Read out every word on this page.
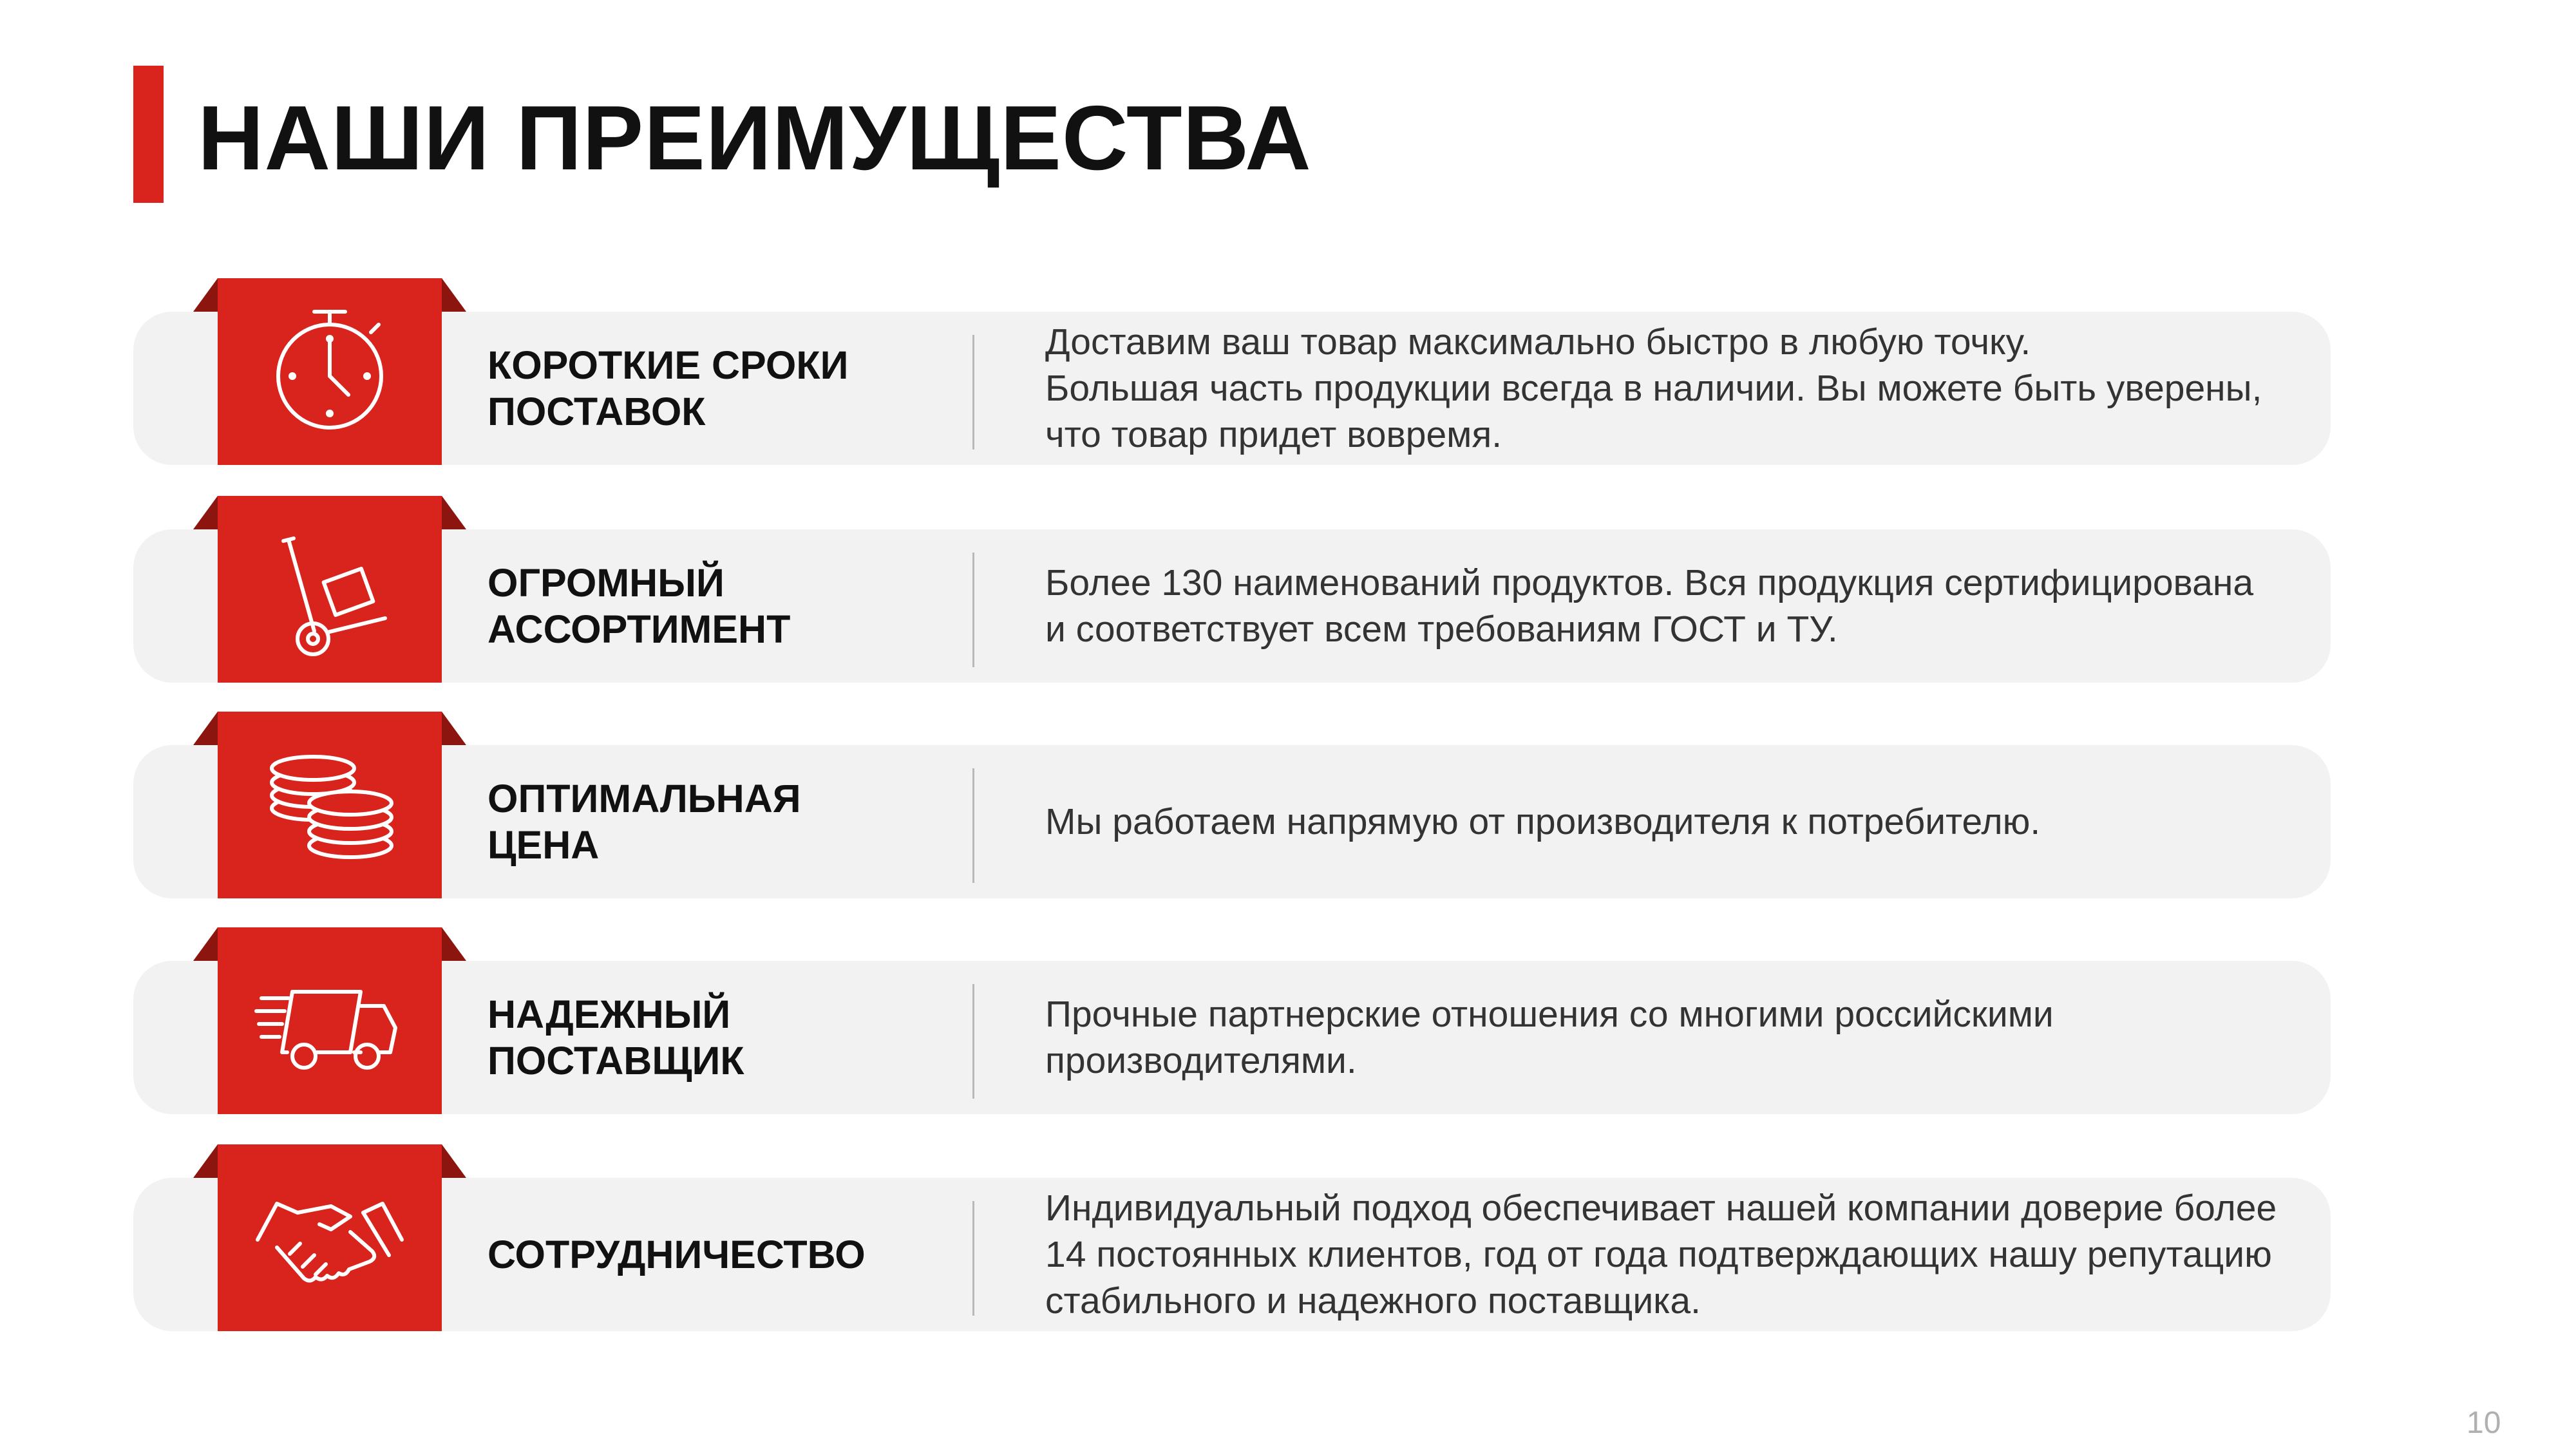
НАШИ ПРЕИМУЩЕСТВА
КОРОТКИЕ СРОКИ
ПОСТАВОК
Доставим ваш товар максимально быстро в любую точку.
Большая часть продукции всегда в наличии. Вы можете быть уверены,
что товар придет вовремя.
ОГРОМНЫЙ
АССОРТИМЕНТ
Более 130 наименований продуктов. Вся продукция сертифицирована
и соответствует всем требованиям ГОСТ и ТУ.
ОПТИМАЛЬНАЯ
ЦЕНА
Мы работаем напрямую от производителя к потребителю.
НАДЕЖНЫЙ
ПОСТАВЩИК
Прочные партнерские отношения со многими российскими
производителями.
СОТРУДНИЧЕСТВО
Индивидуальный подход обеспечивает нашей компании доверие более
14 постоянных клиентов, год от года подтверждающих нашу репутацию
стабильного и надежного поставщика.
10
